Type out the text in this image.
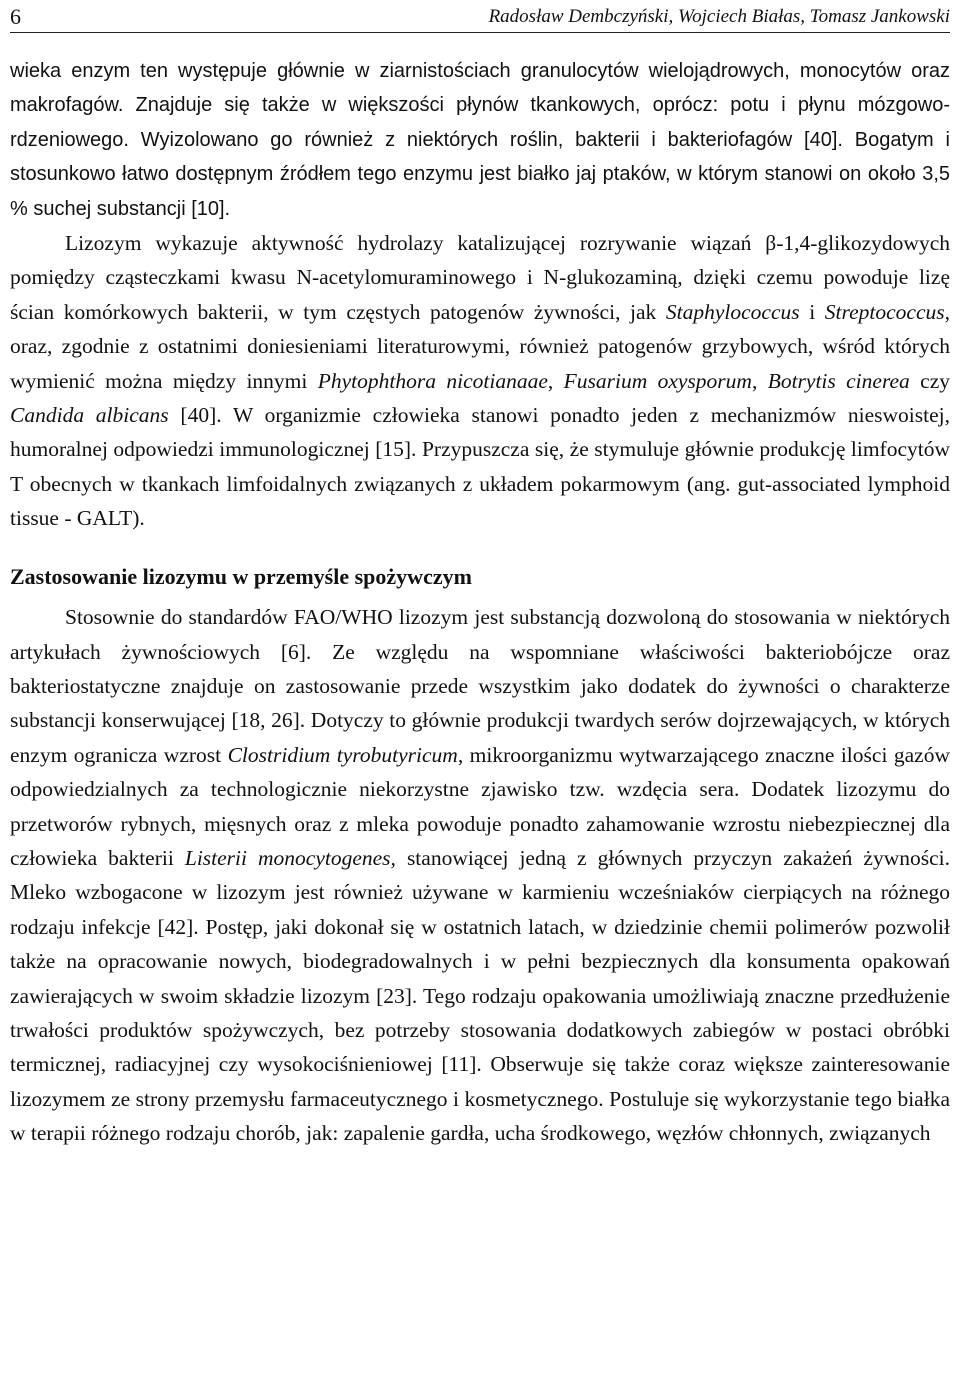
6	Radosław Dembczyński, Wojciech Białas, Tomasz Jankowski

wieka enzym ten występuje głównie w ziarnistościach granulocytów wielojądrowych, monocytów oraz makrofagów. Znajduje się także w większości płynów tkankowych, oprócz: potu i płynu mózgowo-rdzeniowego. Wyizolowano go również z niektórych roślin, bakterii i bakteriofagów [40]. Bogatym i stosunkowo łatwo dostępnym źródłem tego enzymu jest białko jaj ptaków, w którym stanowi on około 3,5 % suchej substancji [10].

Lizozym wykazuje aktywność hydrolazy katalizującej rozrywanie wiązań β-1,4-glikozydowych pomiędzy cząsteczkami kwasu N-acetylomuraminowego i N-glukozaminą, dzięki czemu powoduje lizę ścian komórkowych bakterii, w tym częstych patogenów żywności, jak Staphylococcus i Streptococcus, oraz, zgodnie z ostatnimi doniesieniami literaturowymi, również patogenów grzybowych, wśród których wymienić można między innymi Phytophthora nicotianaae, Fusarium oxysporum, Botrytis cinerea czy Candida albicans [40]. W organizmie człowieka stanowi ponadto jeden z mechanizmów nieswoistej, humoralnej odpowiedzi immunologicznej [15]. Przypuszcza się, że stymuluje głównie produkcję limfocytów T obecnych w tkankach limfoidalnych związanych z układem pokarmowym (ang. gut-associated lymphoid tissue - GALT).

Zastosowanie lizozymu w przemyśle spożywczym

Stosownie do standardów FAO/WHO lizozym jest substancją dozwoloną do stosowania w niektórych artykułach żywnościowych [6]. Ze względu na wspomniane właściwości bakteriobójcze oraz bakteriostatyczne znajduje on zastosowanie przede wszystkim jako dodatek do żywności o charakterze substancji konserwującej [18, 26]. Dotyczy to głównie produkcji twardych serów dojrzewających, w których enzym ogranicza wzrost Clostridium tyrobutyricum, mikroorganizmu wytwarzającego znaczne ilości gazów odpowiedzialnych za technologicznie niekorzystne zjawisko tzw. wzdęcia sera. Dodatek lizozymu do przetworów rybnych, mięsnych oraz z mleka powoduje ponadto zahamowanie wzrostu niebezpiecznej dla człowieka bakterii Listerii monocytogenes, stanowiącej jedną z głównych przyczyn zakażeń żywności. Mleko wzbogacone w lizozym jest również używane w karmieniu wcześniaków cierpiących na różnego rodzaju infekcje [42]. Postęp, jaki dokonał się w ostatnich latach, w dziedzinie chemii polimerów pozwolił także na opracowanie nowych, biodegradowalnych i w pełni bezpiecznych dla konsumenta opakowań zawierających w swoim składzie lizozym [23]. Tego rodzaju opakowania umożliwiają znaczne przedłużenie trwałości produktów spożywczych, bez potrzeby stosowania dodatkowych zabiegów w postaci obróbki termicznej, radiacyjnej czy wysokociśnieniowej [11]. Obserwuje się także coraz większe zainteresowanie lizozymem ze strony przemysłu farmaceutycznego i kosmetycznego. Postuluje się wykorzystanie tego białka w terapii różnego rodzaju chorób, jak: zapalenie gardła, ucha środkowego, węzłów chłonnych, związanych
